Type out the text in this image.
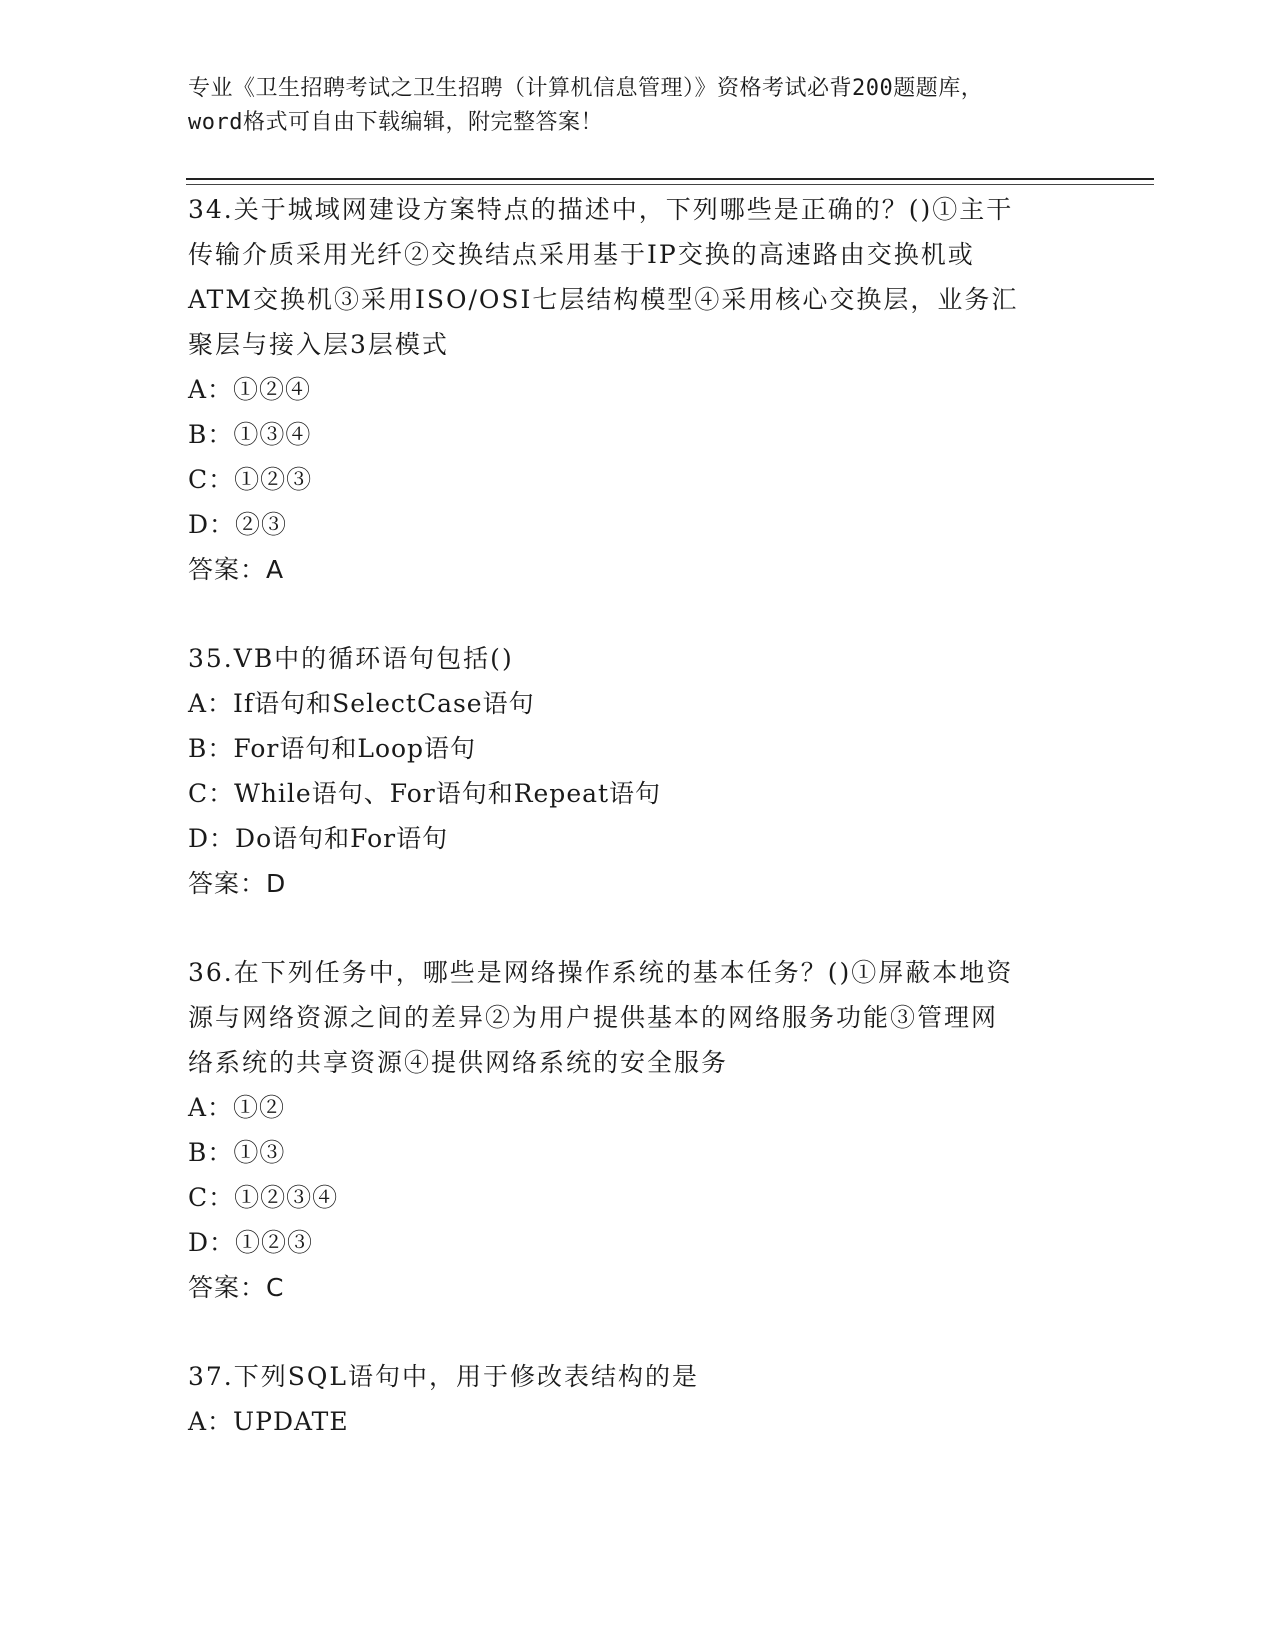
专业《卫生招聘考试之卫生招聘（计算机信息管理）》资格考试必背200题题库，
word格式可自由下载编辑，附完整答案！
34.关于城域网建设方案特点的描述中，下列哪些是正确的？()①主干
传输介质采用光纤②交换结点采用基于IP交换的高速路由交换机或
ATM交换机③采用ISO/OSI七层结构模型④采用核心交换层，业务汇
聚层与接入层3层模式
A：①②④
B：①③④
C：①②③
D：②③
答案：A
35.VB中的循环语句包括()
A：If语句和SelectCase语句
B：For语句和Loop语句
C：While语句、For语句和Repeat语句
D：Do语句和For语句
答案：D
36.在下列任务中，哪些是网络操作系统的基本任务？()①屏蔽本地资
源与网络资源之间的差异②为用户提供基本的网络服务功能③管理网
络系统的共享资源④提供网络系统的安全服务
A：①②
B：①③
C：①②③④
D：①②③
答案：C
37.下列SQL语句中，用于修改表结构的是
A：UPDATE
